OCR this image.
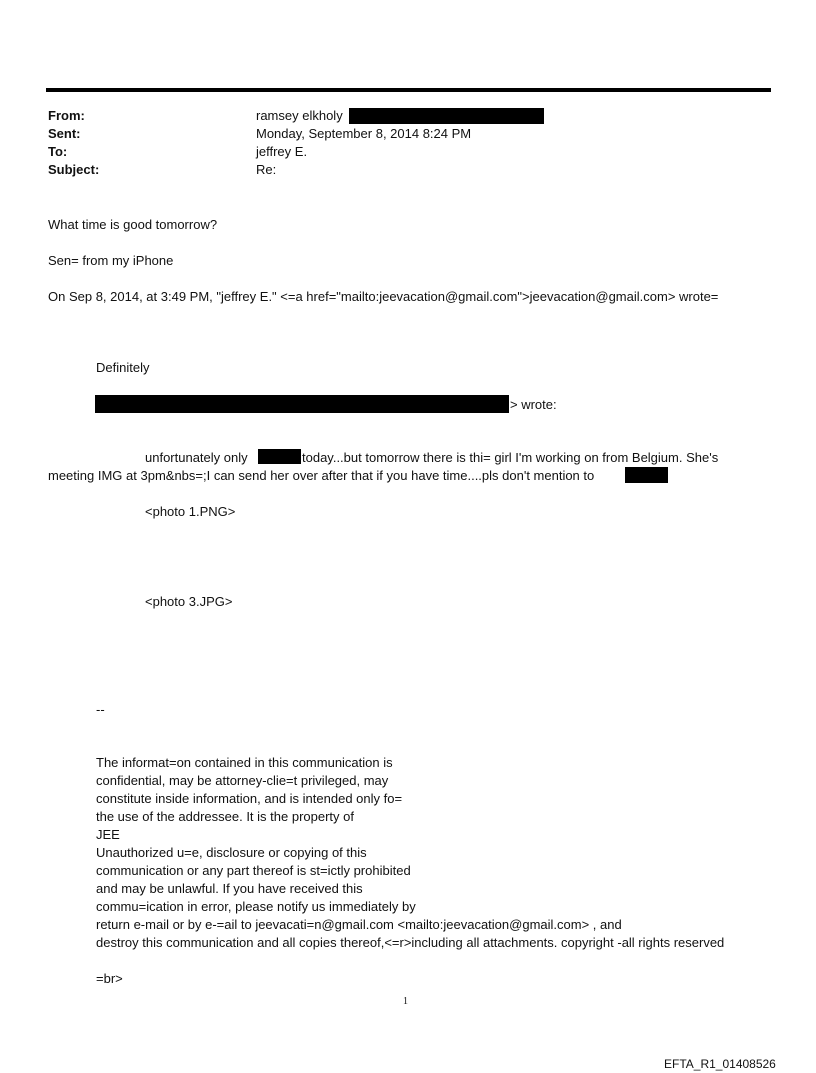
From:	ramsey elkholy
Sent:	Monday, September 8, 2014 8:24 PM
To:	jeffrey E.
Subject:	Re:
What time is good tomorrow?
Sen= from my iPhone
On Sep 8, 2014, at 3:49 PM, "jeffrey E." <=a href="mailto:jeevacation@gmail.com">jeevacation@gmail.com> wrote=
Definitely
> wrote:
unfortunately only	today...but tomorrow there is thi= girl I'm working on from Belgium. She's
meeting IMG at 3pm&nbs=;I can send her over after that if you have time....pls don't mention to
<photo 1.PNG>
<photo 3.JPG>
--
The informat=on contained in this communication is
confidential, may be attorney-clie=t privileged, may
constitute inside information, and is intended only fo=
the use of the addressee. It is the property of
JEE
Unauthorized u=e, disclosure or copying of this
communication or any part thereof is st=ictly prohibited
and may be unlawful. If you have received this
commu=ication in error, please notify us immediately by
return e-mail or by e-=ail to jeevacati=n@gmail.com <mailto:jeevacation@gmail.com> , and
destroy this communication and all copies thereof,<=r>including all attachments. copyright -all rights reserved
=br>
1
EFTA_R1_01408526
